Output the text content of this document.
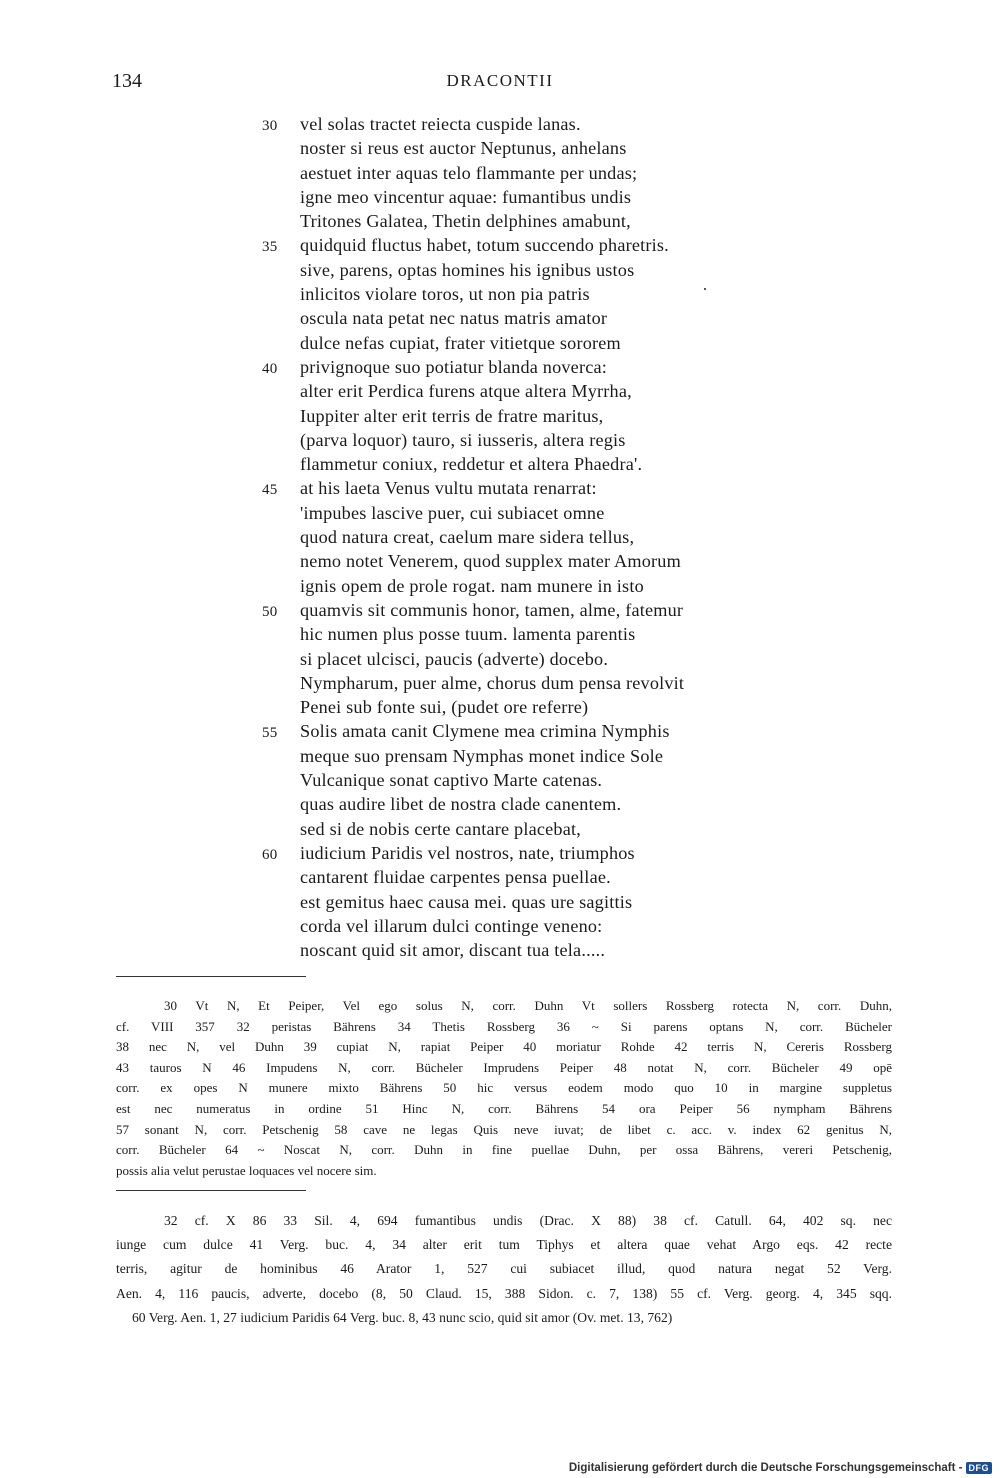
134	DRACONTII
30 vel solas tractet reiecta cuspide lanas.
noster si reus est auctor Neptunus, anhelans
aestuet inter aquas telo flammante per undas;
igne meo vincentur aquae: fumantibus undis
Tritones Galatea, Thetin delphines amabunt,
35 quidquid fluctus habet, totum succendo pharetris.
sive, parens, optas homines his ignibus ustos
inlicitos violare toros, ut non pia patris
oscula nata petat nec natus matris amator
dulce nefas cupiat, frater vitietque sororem
40 privignoque suo potiatur blanda noverca:
alter erit Perdica furens atque altera Myrrha,
Iuppiter alter erit terris de fratre maritus,
(parva loquor) tauro, si iusseris, altera regis
flammetur coniux, reddetur et altera Phaedra'.
45 at his laeta Venus vultu mutata renarrat:
'impubes lascive puer, cui subiacet omne
quod natura creat, caelum mare sidera tellus,
nemo notet Venerem, quod supplex mater Amorum
ignis opem de prole rogat. nam munere in isto
50 quamvis sit communis honor, tamen, alme, fatemur
hic numen plus posse tuum. lamenta parentis
si placet ulcisci, paucis (adverte) docebo.
Nympharum, puer alme, chorus dum pensa revolvit
Penei sub fonte sui, (pudet ore referre)
55 Solis amata canit Clymene mea crimina Nymphis
meque suo prensam Nymphas monet indice Sole
Vulcanique sonat captivo Marte catenas.
quas audire libet de nostra clade canentem.
sed si de nobis certe cantare placebat,
60 iudicium Paridis vel nostros, nate, triumphos
cantarent fluidae carpentes pensa puellae.
est gemitus haec causa mei. quas ure sagittis
corda vel illarum dulci continge veneno:
noscant quid sit amor, discant tua tela.....
30 Vt N, Et Peiper, Vel ego solus N, corr. Duhn Vt sollers Rossberg rotecta N, corr. Duhn,
cf. VIII 357 32 peristas Bährens 34 Thetis Rossberg 36 ~ Si parens optans N, corr. Bücheler
38 nec N, vel Duhn 39 cupiat N, rapiat Peiper 40 moriatur Rohde 42 terris N, Cereris Rossberg
43 tauros N 46 Impudens N, corr. Bücheler Imprudens Peiper 48 notat N, corr. Bücheler 49 opē
corr. ex opes N munere mixto Bährens 50 hic versus eodem modo quo 10 in margine suppletus
est nec numeratus in ordine 51 Hinc N, corr. Bährens 54 ora Peiper 56 nympham Bährens
57 sonant N, corr. Petschenig 58 cave ne legas Quis neve iuvat; de libet c. acc. v. index 62 genitus N,
corr. Bücheler 64 ~ Noscat N, corr. Duhn in fine puellae Duhn, per ossa Bährens, vereri Petschenig,
possis alia velut perustae loquaces vel nocere sim.
32 cf. X 86 33 Sil. 4, 694 fumantibus undis (Drac. X 88) 38 cf. Catull. 64, 402 sq. nec
iunge cum dulce 41 Verg. buc. 4, 34 alter erit tum Tiphys et altera quae vehat Argo eqs. 42 recte
terris, agitur de hominibus 46 Arator 1, 527 cui subiacet illud, quod natura negat 52 Verg.
Aen. 4, 116 paucis, adverte, docebo (8, 50 Claud. 15, 388 Sidon. c. 7, 138) 55 cf. Verg. georg. 4, 345 sqq.
60 Verg. Aen. 1, 27 iudicium Paridis 64 Verg. buc. 8, 43 nunc scio, quid sit amor (Ov. met. 13, 762)
Digitalisierung gefördert durch die Deutsche Forschungsgemeinschaft - DFG
